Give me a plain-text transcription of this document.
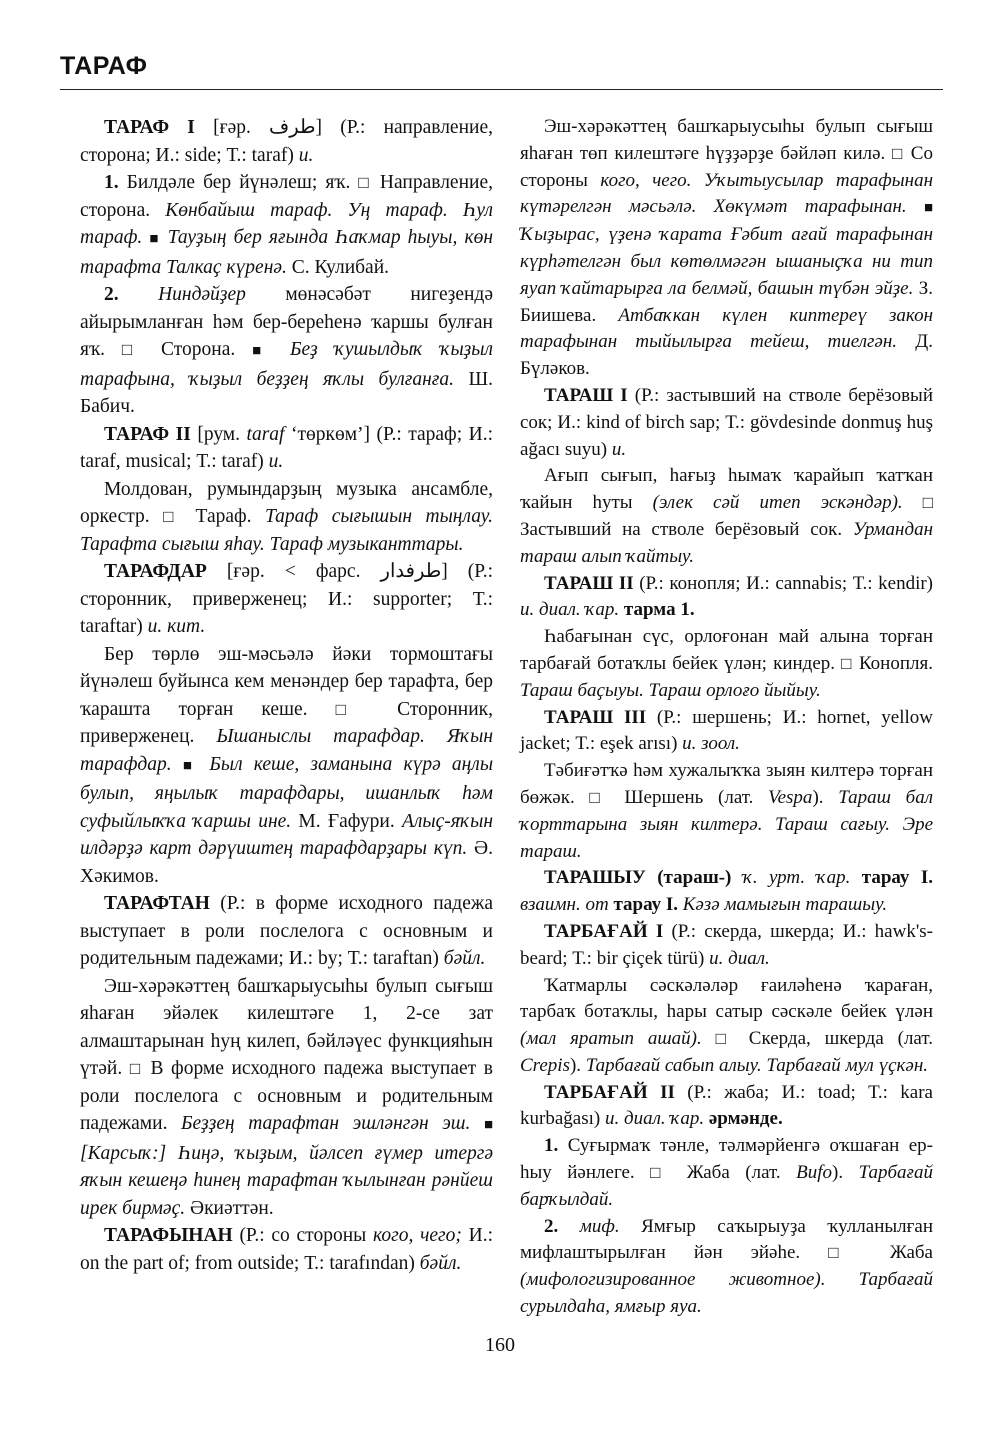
ТАРАФ

ТАРАФ I [ғәр. طرف] (Р.: направление, сторона; И.: side; Т.: taraf) и.

1. Билдәле бер йүнәлеш; яҡ. □ Направление, сторона. Көнбайыш тараф. Уң тараф. Һул тараф. ■ Тауҙың бер яғында Һаҡмар һыуы, көн тарафта Талкаҫ күренә. С. Кулибай.

2. Ниндәйҙер мөнәсәбәт нигеҙендә айырымланған һәм бер-береһенә ҡаршы булған яҡ. □ Сторона. ■ Беҙ ҡушылдыҡ ҡыҙыл тарафына, ҡыҙыл беҙҙең яҡлы булғанға. Ш. Бабич.

ТАРАФ II [рум. taraf ‘төркөм’] (Р.: тараф; И.: taraf, musical; Т.: taraf) и.

Молдован, румындарҙың музыка ансамбле, оркестр. □ Тараф. Тараф сығышын тыңлау. Тарафта сығыш яһау. Тараф музыканттары.

ТАРАФДАР [ғәр. < фарс. طرفدار] (Р.: сторонник, приверженец; И.: supporter; Т.: taraftar) и. кит.

Бер төрлө эш-мәсьәлә йәки тормоштағы йүнәлеш буйынса кем менәндер бер тарафта, бер ҡараштa торған кеше. □ Сторонник, приверженец. Ышаныслы тарафдар. Яҡын тарафдар. ■ Был кеше, заманына күрә аңлы булып, яңылыҡ тарафдары, ишанлыҡ һәм суфыйлыҡҡа ҡаршы ине. М. Ғафури. Алыҫ-яҡын илдәрҙә карт дәрүиштең тарафдарҙары күп. Ә. Хәкимов.

ТАРАФТАН (Р.: в форме исходного падежа выступает в роли послелога с основным и родительным падежами; И.: by; Т.: taraftan) бәйл.

Эш-хәрәкәттең башҡарыусыһы булып сығыш яһаған эйәлек килештәге 1, 2-се зат алмаштарынан һуң килеп, бәйләүес функцияһын үтәй. □ В форме исходного падежа выступает в роли послелога с основным и родительным падежами. Беҙҙең тарафтан эшләнгән эш. ■ [Карсыҡ:] Һиңә, ҡыҙым, йәлсеп ғүмер итергә яҡын кешеңә һинең тарафтан ҡылынған рәнйеш ирек бирмәҫ. Әкиәттән.

ТАРАФЫНАН (Р.: со стороны кого, чего; И.: on the part of; from outside; Т.: tarafından) бәйл.

Эш-хәрәкәттең башҡарыусыһы булып сығыш яһаған төп килештәге һүҙҙәрҙе бәйләп килә. □ Со стороны кого, чего. Уҡытыусылар тарафынан күтәрелгән мәсьәлә. Хөкүмәт тарафынан. ■ Ҡыҙырас, үҙенә ҡарата Ғәбит ағай тарафынан күрһәтелгән был көтөлмәгән ышаныҫҡа ни тип яуап ҡайтарырға ла белмәй, башын түбән эйҙе. З. Биишева. Атбаҡкан күлен киптереү закон тарафынан тыйылырға тейеш, тиелгән. Д. Бүләков.

ТАРАШ I (Р.: застывший на стволе берёзовый сок; И.: kind of birch sap; Т.: gövdesinde donmuş huş ağacı suyu) и.

Ағып сығып, һағыҙ һымаҡ ҡарайып ҡатҡан ҡайын һуты (элек сәй итеп эскәндәр). □ Застывший на стволе берёзовый сок. Урмандан тараш алып ҡайтыу.

ТАРАШ II (Р.: конопля; И.: cannabis; Т.: kendir) и. диал. ҡар. тарма 1.

Һабағынан сүс, орлоғонан май алына торған тарбағай ботаҡлы бейек үлән; киндер. □ Конопля. Тараш баҫыуы. Тараш орлоғо йыйыу.

ТАРАШ III (Р.: шершень; И.: hornet, yellow jacket; Т.: eşek arısı) и. зоол.

Тәбиғәтҡә һәм хужалыҡҡа зыян килтерә торған бөжәк. □ Шершень (лат. Vespa). Тараш бал ҡорттарына зыян килтерә. Тараш сағыу. Эре тараш.

ТАРАШЫУ (тараш-) ҡ. урт. ҡар. тарау I. взаимн. от тарау I. Кәзә мамығын тарашыу.

ТАРБАҒАЙ I (Р.: скерда, шкерда; И.: hawk's-beard; Т.: bir çiçek türü) и. диал.

Ҡатмарлы сәскәләләр ғаиләһенә ҡараған, тарбаҡ ботаҡлы, һары сатыр сәскәле бейек үлән (мал яратып ашай). □ Скерда, шкерда (лат. Crepis). Тарбағай сабып алыу. Тарбағай мул үҫкән.

ТАРБАҒАЙ II (Р.: жаба; И.: toad; Т.: kara kurbağası) и. диал. ҡар. әрмәнде.

1. Суғырмаҡ тәнле, тәлмәрйенгә оҡшаған ер-һыу йәнлеге. □ Жаба (лат. Bufo). Тарбағай барҡылдай.

2. миф. Ямғыр саҡырыуҙа ҡулланылған мифлаштырылған йән эйәһе. □ Жаба (мифологизированное животное). Тарбағай сурылдаһа, ямғыр яуа.

160
